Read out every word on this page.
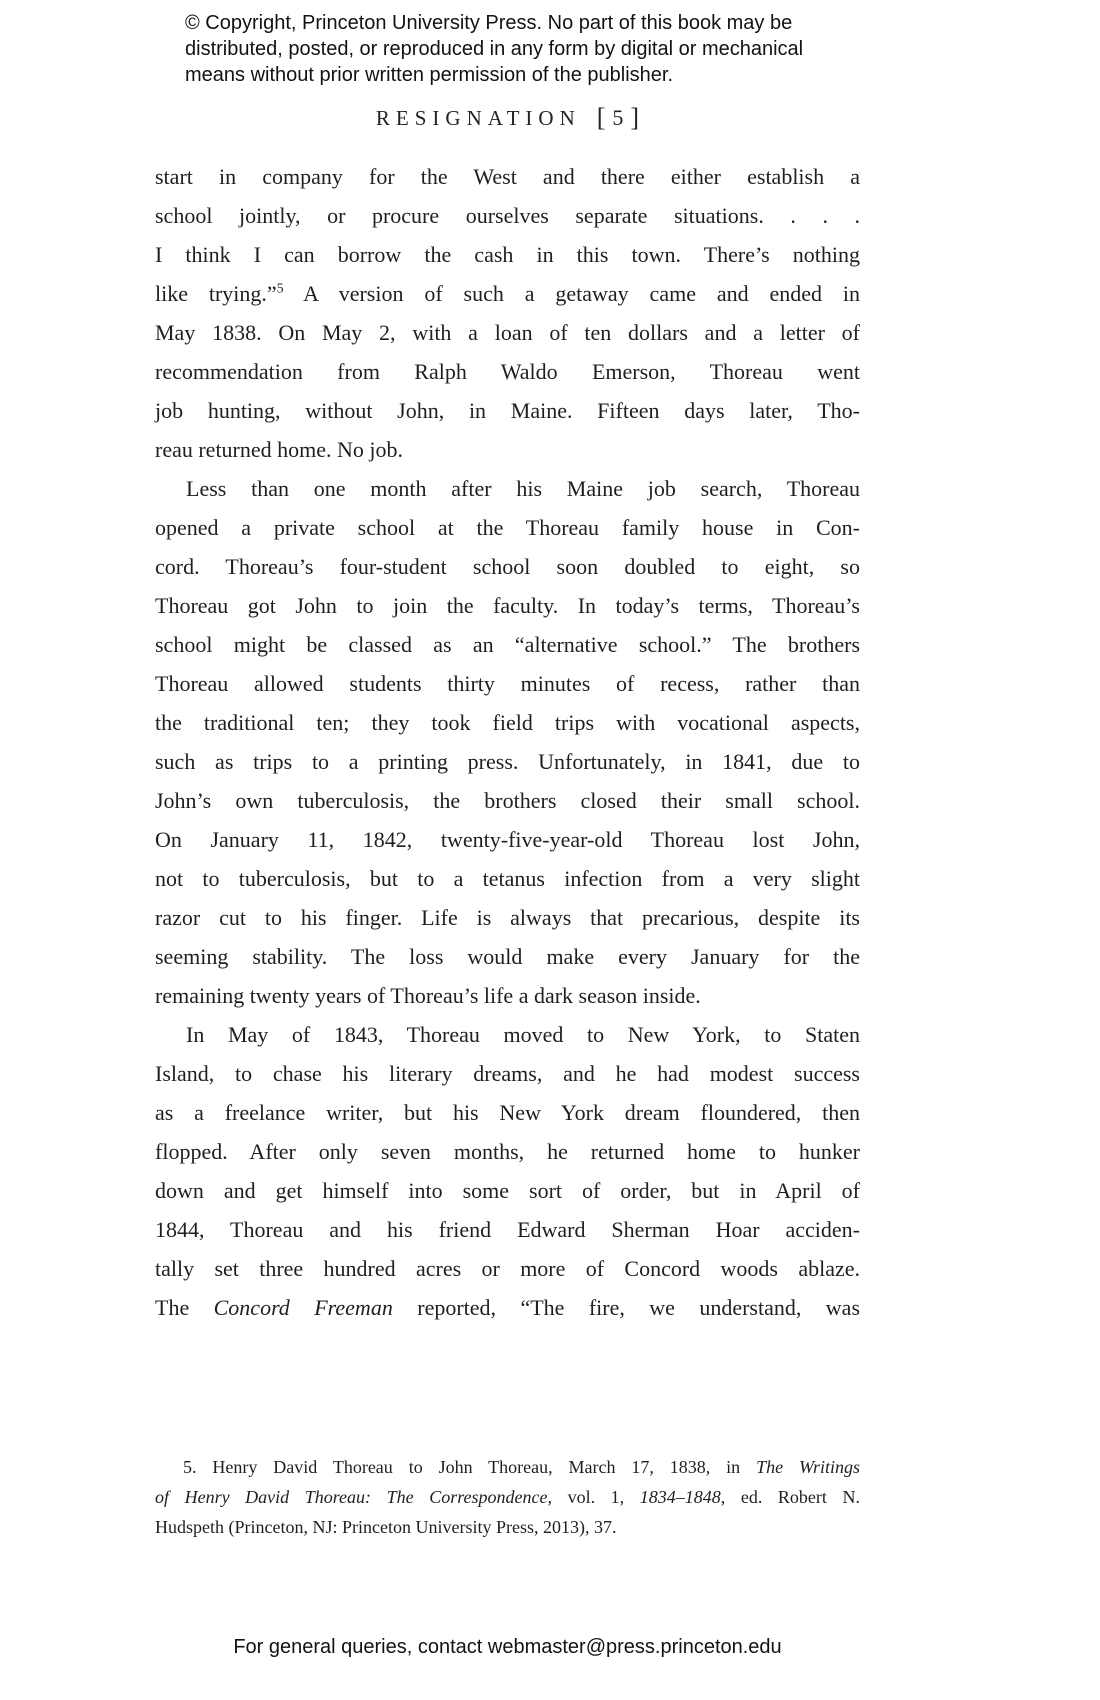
© Copyright, Princeton University Press. No part of this book may be
distributed, posted, or reproduced in any form by digital or mechanical
means without prior written permission of the publisher.
RESIGNATION [ 5 ]
start in company for the West and there either establish a
school jointly, or procure ourselves separate situations. . . .
I think I can borrow the cash in this town. There’s nothing
like trying.”$^5$ A version of such a getaway came and ended in
May 1838. On May 2, with a loan of ten dollars and a letter of
recommendation from Ralph Waldo Emerson, Thoreau went
job hunting, without John, in Maine. Fifteen days later, Tho-
reau returned home. No job.
Less than one month after his Maine job search, Thoreau
opened a private school at the Thoreau family house in Con-
cord. Thoreau’s four-student school soon doubled to eight, so
Thoreau got John to join the faculty. In today’s terms, Thoreau’s
school might be classed as an “alternative school.” The brothers
Thoreau allowed students thirty minutes of recess, rather than
the traditional ten; they took field trips with vocational aspects,
such as trips to a printing press. Unfortunately, in 1841, due to
John’s own tuberculosis, the brothers closed their small school.
On January 11, 1842, twenty-five-year-old Thoreau lost John,
not to tuberculosis, but to a tetanus infection from a very slight
razor cut to his finger. Life is always that precarious, despite its
seeming stability. The loss would make every January for the
remaining twenty years of Thoreau’s life a dark season inside.
In May of 1843, Thoreau moved to New York, to Staten
Island, to chase his literary dreams, and he had modest success
as a freelance writer, but his New York dream floundered, then
flopped. After only seven months, he returned home to hunker
down and get himself into some sort of order, but in April of
1844, Thoreau and his friend Edward Sherman Hoar acciden-
tally set three hundred acres or more of Concord woods ablaze.
The Concord Freeman reported, “The fire, we understand, was
5. Henry David Thoreau to John Thoreau, March 17, 1838, in The Writings
of Henry David Thoreau: The Correspondence, vol. 1, 1834–1848, ed. Robert N.
Hudspeth (Princeton, NJ: Princeton University Press, 2013), 37.
For general queries, contact webmaster@press.princeton.edu
